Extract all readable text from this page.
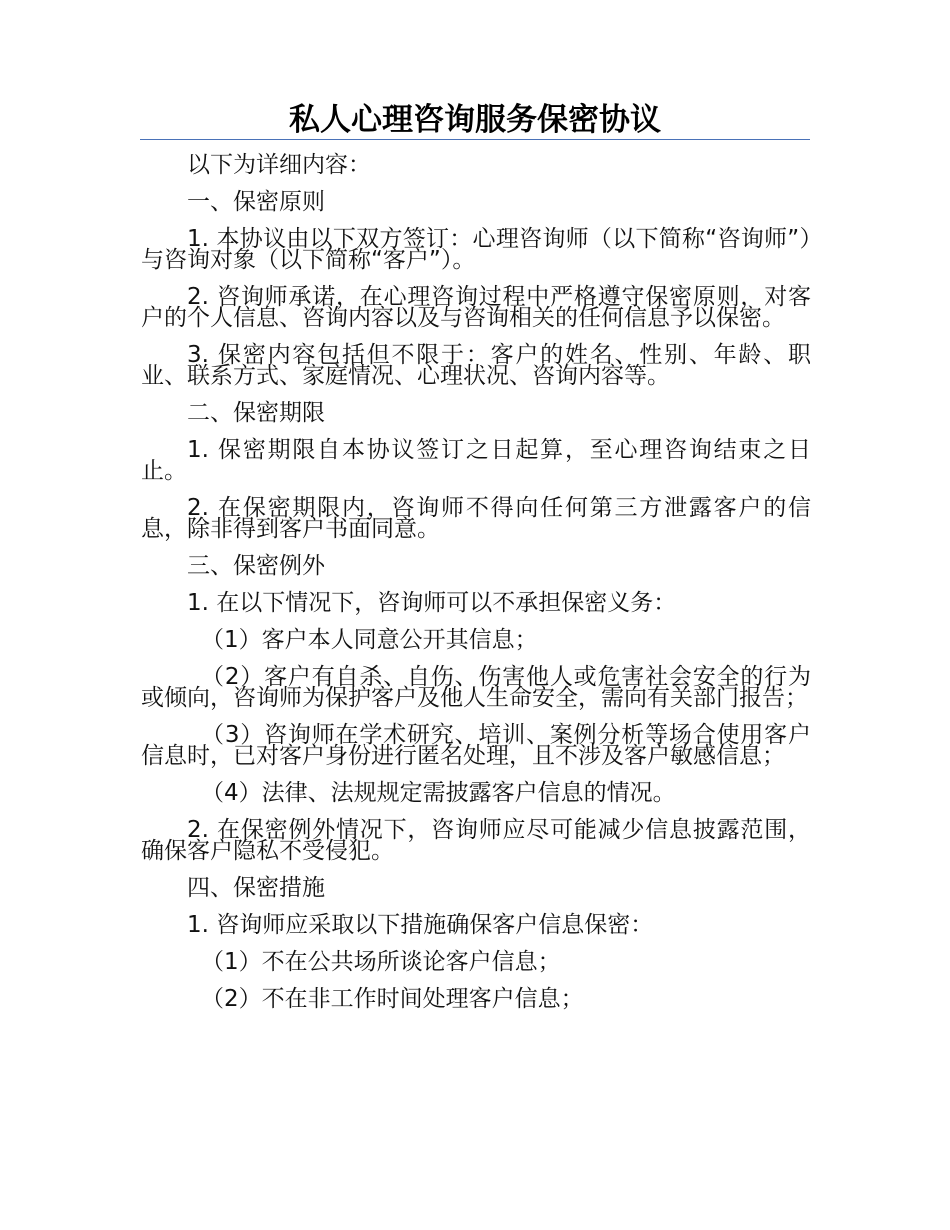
私人心理咨询服务保密协议

以下为详细内容：

一、保密原则

1. 本协议由以下双方签订：心理咨询师（以下简称“咨询师”）与咨询对象（以下简称“客户”）。

2. 咨询师承诺，在心理咨询过程中严格遵守保密原则，对客户的个人信息、咨询内容以及与咨询相关的任何信息予以保密。

3. 保密内容包括但不限于：客户的姓名、性别、年龄、职业、联系方式、家庭情况、心理状况、咨询内容等。

二、保密期限

1. 保密期限自本协议签订之日起算，至心理咨询结束之日止。

2. 在保密期限内，咨询师不得向任何第三方泄露客户的信息，除非得到客户书面同意。

三、保密例外

1. 在以下情况下，咨询师可以不承担保密义务：

（1）客户本人同意公开其信息；

（2）客户有自杀、自伤、伤害他人或危害社会安全的行为或倾向，咨询师为保护客户及他人生命安全，需向有关部门报告；

（3）咨询师在学术研究、培训、案例分析等场合使用客户信息时，已对客户身份进行匿名处理，且不涉及客户敏感信息；

（4）法律、法规规定需披露客户信息的情况。

2. 在保密例外情况下，咨询师应尽可能减少信息披露范围，确保客户隐私不受侵犯。

四、保密措施

1. 咨询师应采取以下措施确保客户信息保密：

（1）不在公共场所谈论客户信息；

（2）不在非工作时间处理客户信息；
